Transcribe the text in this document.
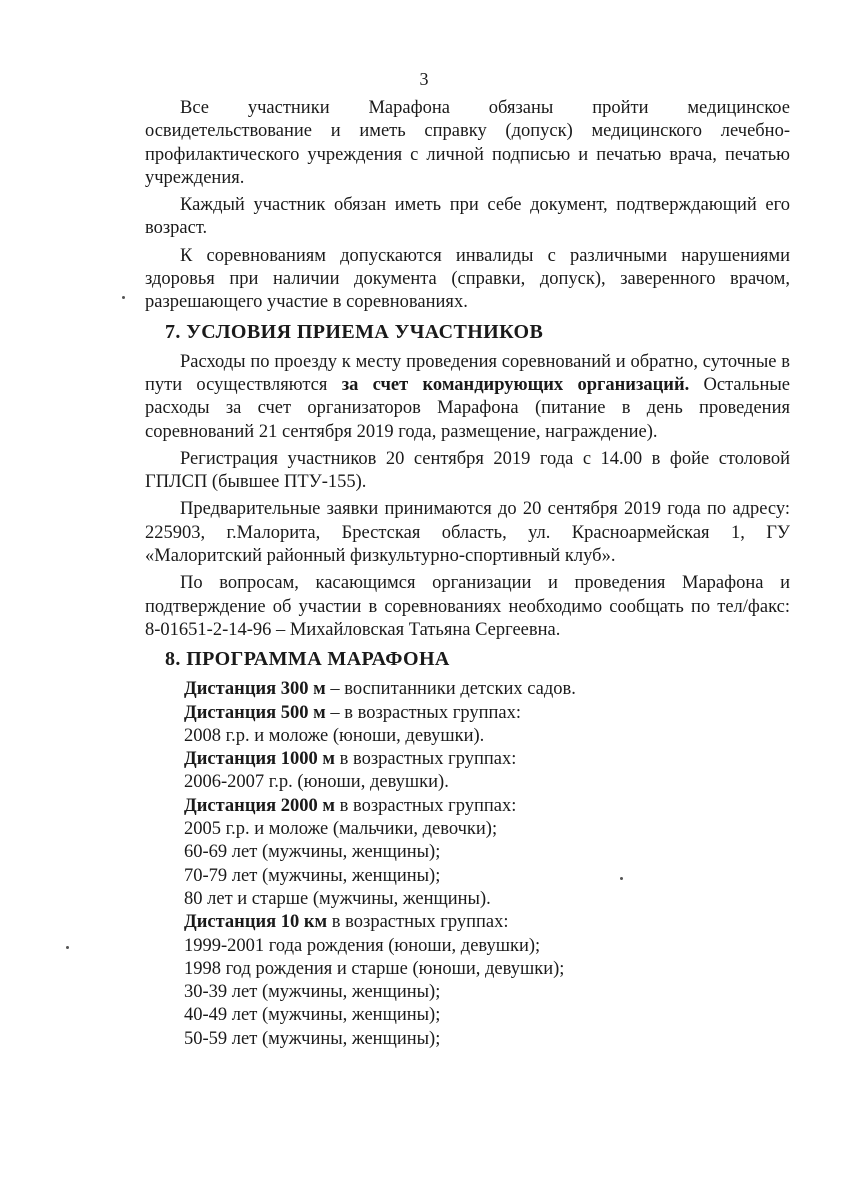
3

Все участники Марафона обязаны пройти медицинское освидетельствование и иметь справку (допуск) медицинского лечебно-профилактического учреждения с личной подписью и печатью врача, печатью учреждения.

Каждый участник обязан иметь при себе документ, подтверждающий его возраст.

К соревнованиям допускаются инвалиды с различными нарушениями здоровья при наличии документа (справки, допуск), заверенного врачом, разрешающего участие в соревнованиях.

7. УСЛОВИЯ ПРИЕМА УЧАСТНИКОВ

Расходы по проезду к месту проведения соревнований и обратно, суточные в пути осуществляются за счет командирующих организаций. Остальные расходы за счет организаторов Марафона (питание в день проведения соревнований 21 сентября 2019 года, размещение, награждение).

Регистрация участников 20 сентября 2019 года с 14.00 в фойе столовой ГПЛСП (бывшее ПТУ-155).

Предварительные заявки принимаются до 20 сентября 2019 года по адресу: 225903, г.Малорита, Брестская область, ул. Красноармейская 1, ГУ «Малоритский районный физкультурно-спортивный клуб».

По вопросам, касающимся организации и проведения Марафона и подтверждение об участии в соревнованиях необходимо сообщать по тел/факс: 8-01651-2-14-96 – Михайловская Татьяна Сергеевна.

8. ПРОГРАММА МАРАФОНА
Дистанция 300 м – воспитанники детских садов.
Дистанция 500 м – в возрастных группах:
2008 г.р. и моложе (юноши, девушки).
Дистанция 1000 м в возрастных группах:
2006-2007 г.р. (юноши, девушки).
Дистанция 2000 м в возрастных группах:
2005 г.р. и моложе (мальчики, девочки);
60-69 лет (мужчины, женщины);
70-79 лет (мужчины, женщины);
80 лет и старше (мужчины, женщины).
Дистанция 10 км в возрастных группах:
1999-2001 года рождения (юноши, девушки);
1998 год рождения и старше (юноши, девушки);
30-39 лет (мужчины, женщины);
40-49 лет (мужчины, женщины);
50-59 лет (мужчины, женщины);
